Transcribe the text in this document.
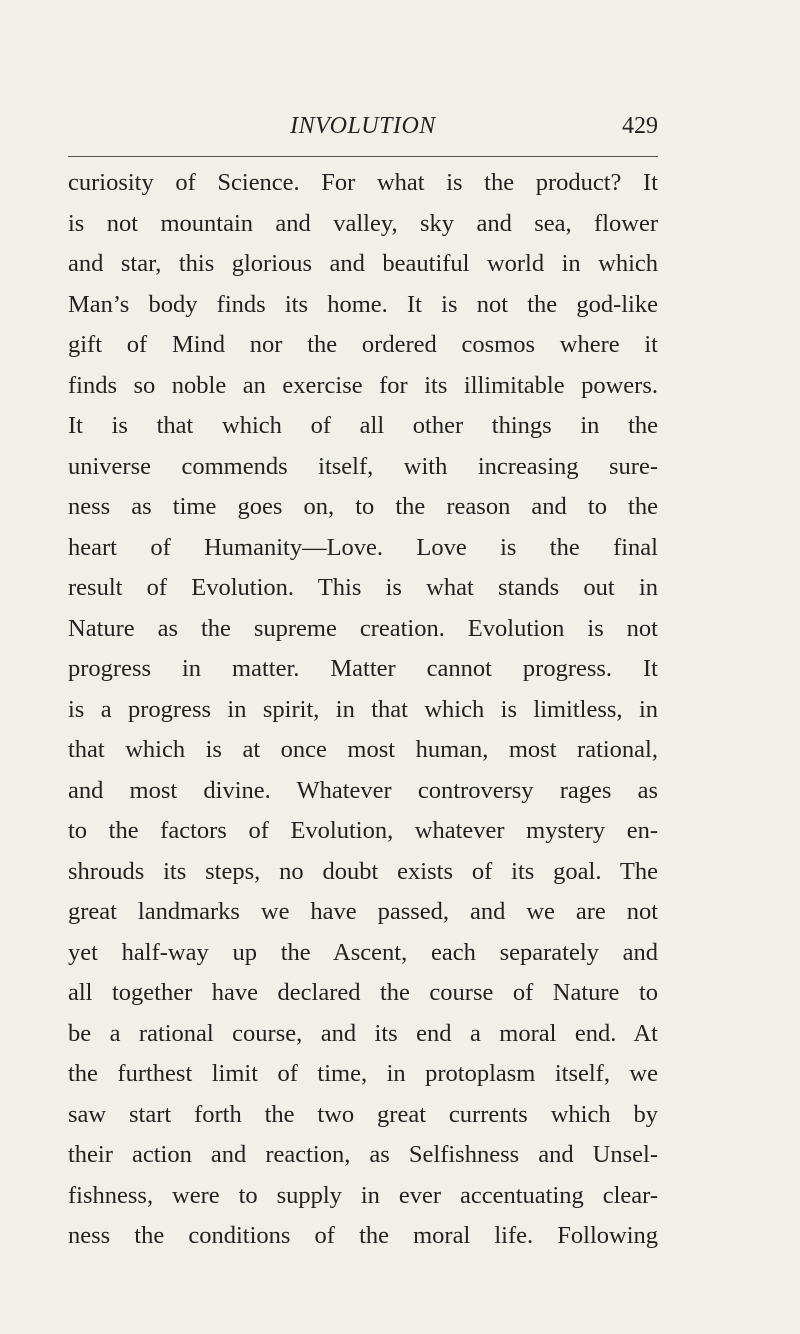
INVOLUTION	429
curiosity of Science. For what is the product? It
is not mountain and valley, sky and sea, flower
and star, this glorious and beautiful world in which
Man’s body finds its home. It is not the god-like
gift of Mind nor the ordered cosmos where it
finds so noble an exercise for its illimitable powers.
It is that which of all other things in the
universe commends itself, with increasing sure-
ness as time goes on, to the reason and to the
heart of Humanity—Love. Love is the final
result of Evolution. This is what stands out in
Nature as the supreme creation. Evolution is not
progress in matter. Matter cannot progress. It
is a progress in spirit, in that which is limitless, in
that which is at once most human, most rational,
and most divine. Whatever controversy rages as
to the factors of Evolution, whatever mystery en-
shrouds its steps, no doubt exists of its goal. The
great landmarks we have passed, and we are not
yet half-way up the Ascent, each separately and
all together have declared the course of Nature to
be a rational course, and its end a moral end. At
the furthest limit of time, in protoplasm itself, we
saw start forth the two great currents which by
their action and reaction, as Selfishness and Unsel-
fishness, were to supply in ever accentuating clear-
ness the conditions of the moral life. Following
